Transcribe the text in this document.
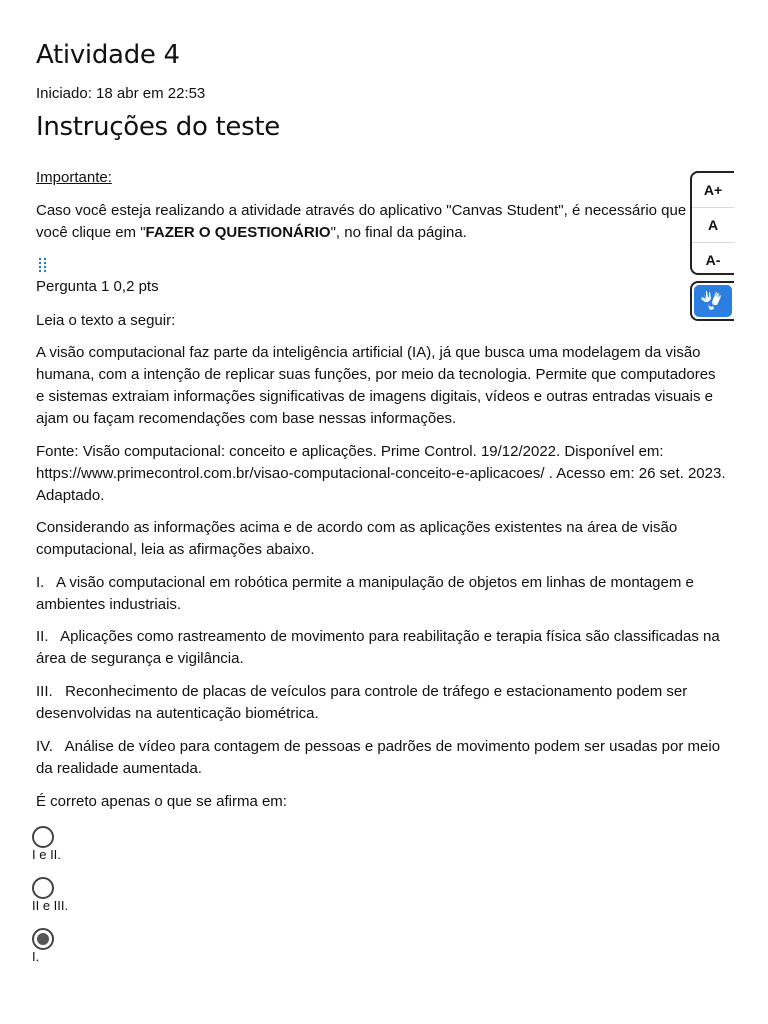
Atividade 4
Iniciado: 18 abr em 22:53
Instruções do teste

Importante:

Caso você esteja realizando a atividade através do aplicativo "Canvas Student", é necessário que você clique em "FAZER O QUESTIONÁRIO", no final da página.

Pergunta 1 0,2 pts

Leia o texto a seguir:

A visão computacional faz parte da inteligência artificial (IA), já que busca uma modelagem da visão humana, com a intenção de replicar suas funções, por meio da tecnologia. Permite que computadores e sistemas extraiam informações significativas de imagens digitais, vídeos e outras entradas visuais e ajam ou façam recomendações com base nessas informações.

Fonte: Visão computacional: conceito e aplicações. Prime Control. 19/12/2022. Disponível em: https://www.primecontrol.com.br/visao-computacional-conceito-e-aplicacoes/ . Acesso em: 26 set. 2023. Adaptado.

Considerando as informações acima e de acordo com as aplicações existentes na área de visão computacional, leia as afirmações abaixo.

I.   A visão computacional em robótica permite a manipulação de objetos em linhas de montagem e ambientes industriais.

II.   Aplicações como rastreamento de movimento para reabilitação e terapia física são classificadas na área de segurança e vigilância.

III.   Reconhecimento de placas de veículos para controle de tráfego e estacionamento podem ser desenvolvidas na autenticação biométrica.

IV.   Análise de vídeo para contagem de pessoas e padrões de movimento podem ser usadas por meio da realidade aumentada.

É correto apenas o que se afirma em:

I e II.
II e III.
I.
A+
A
A-
